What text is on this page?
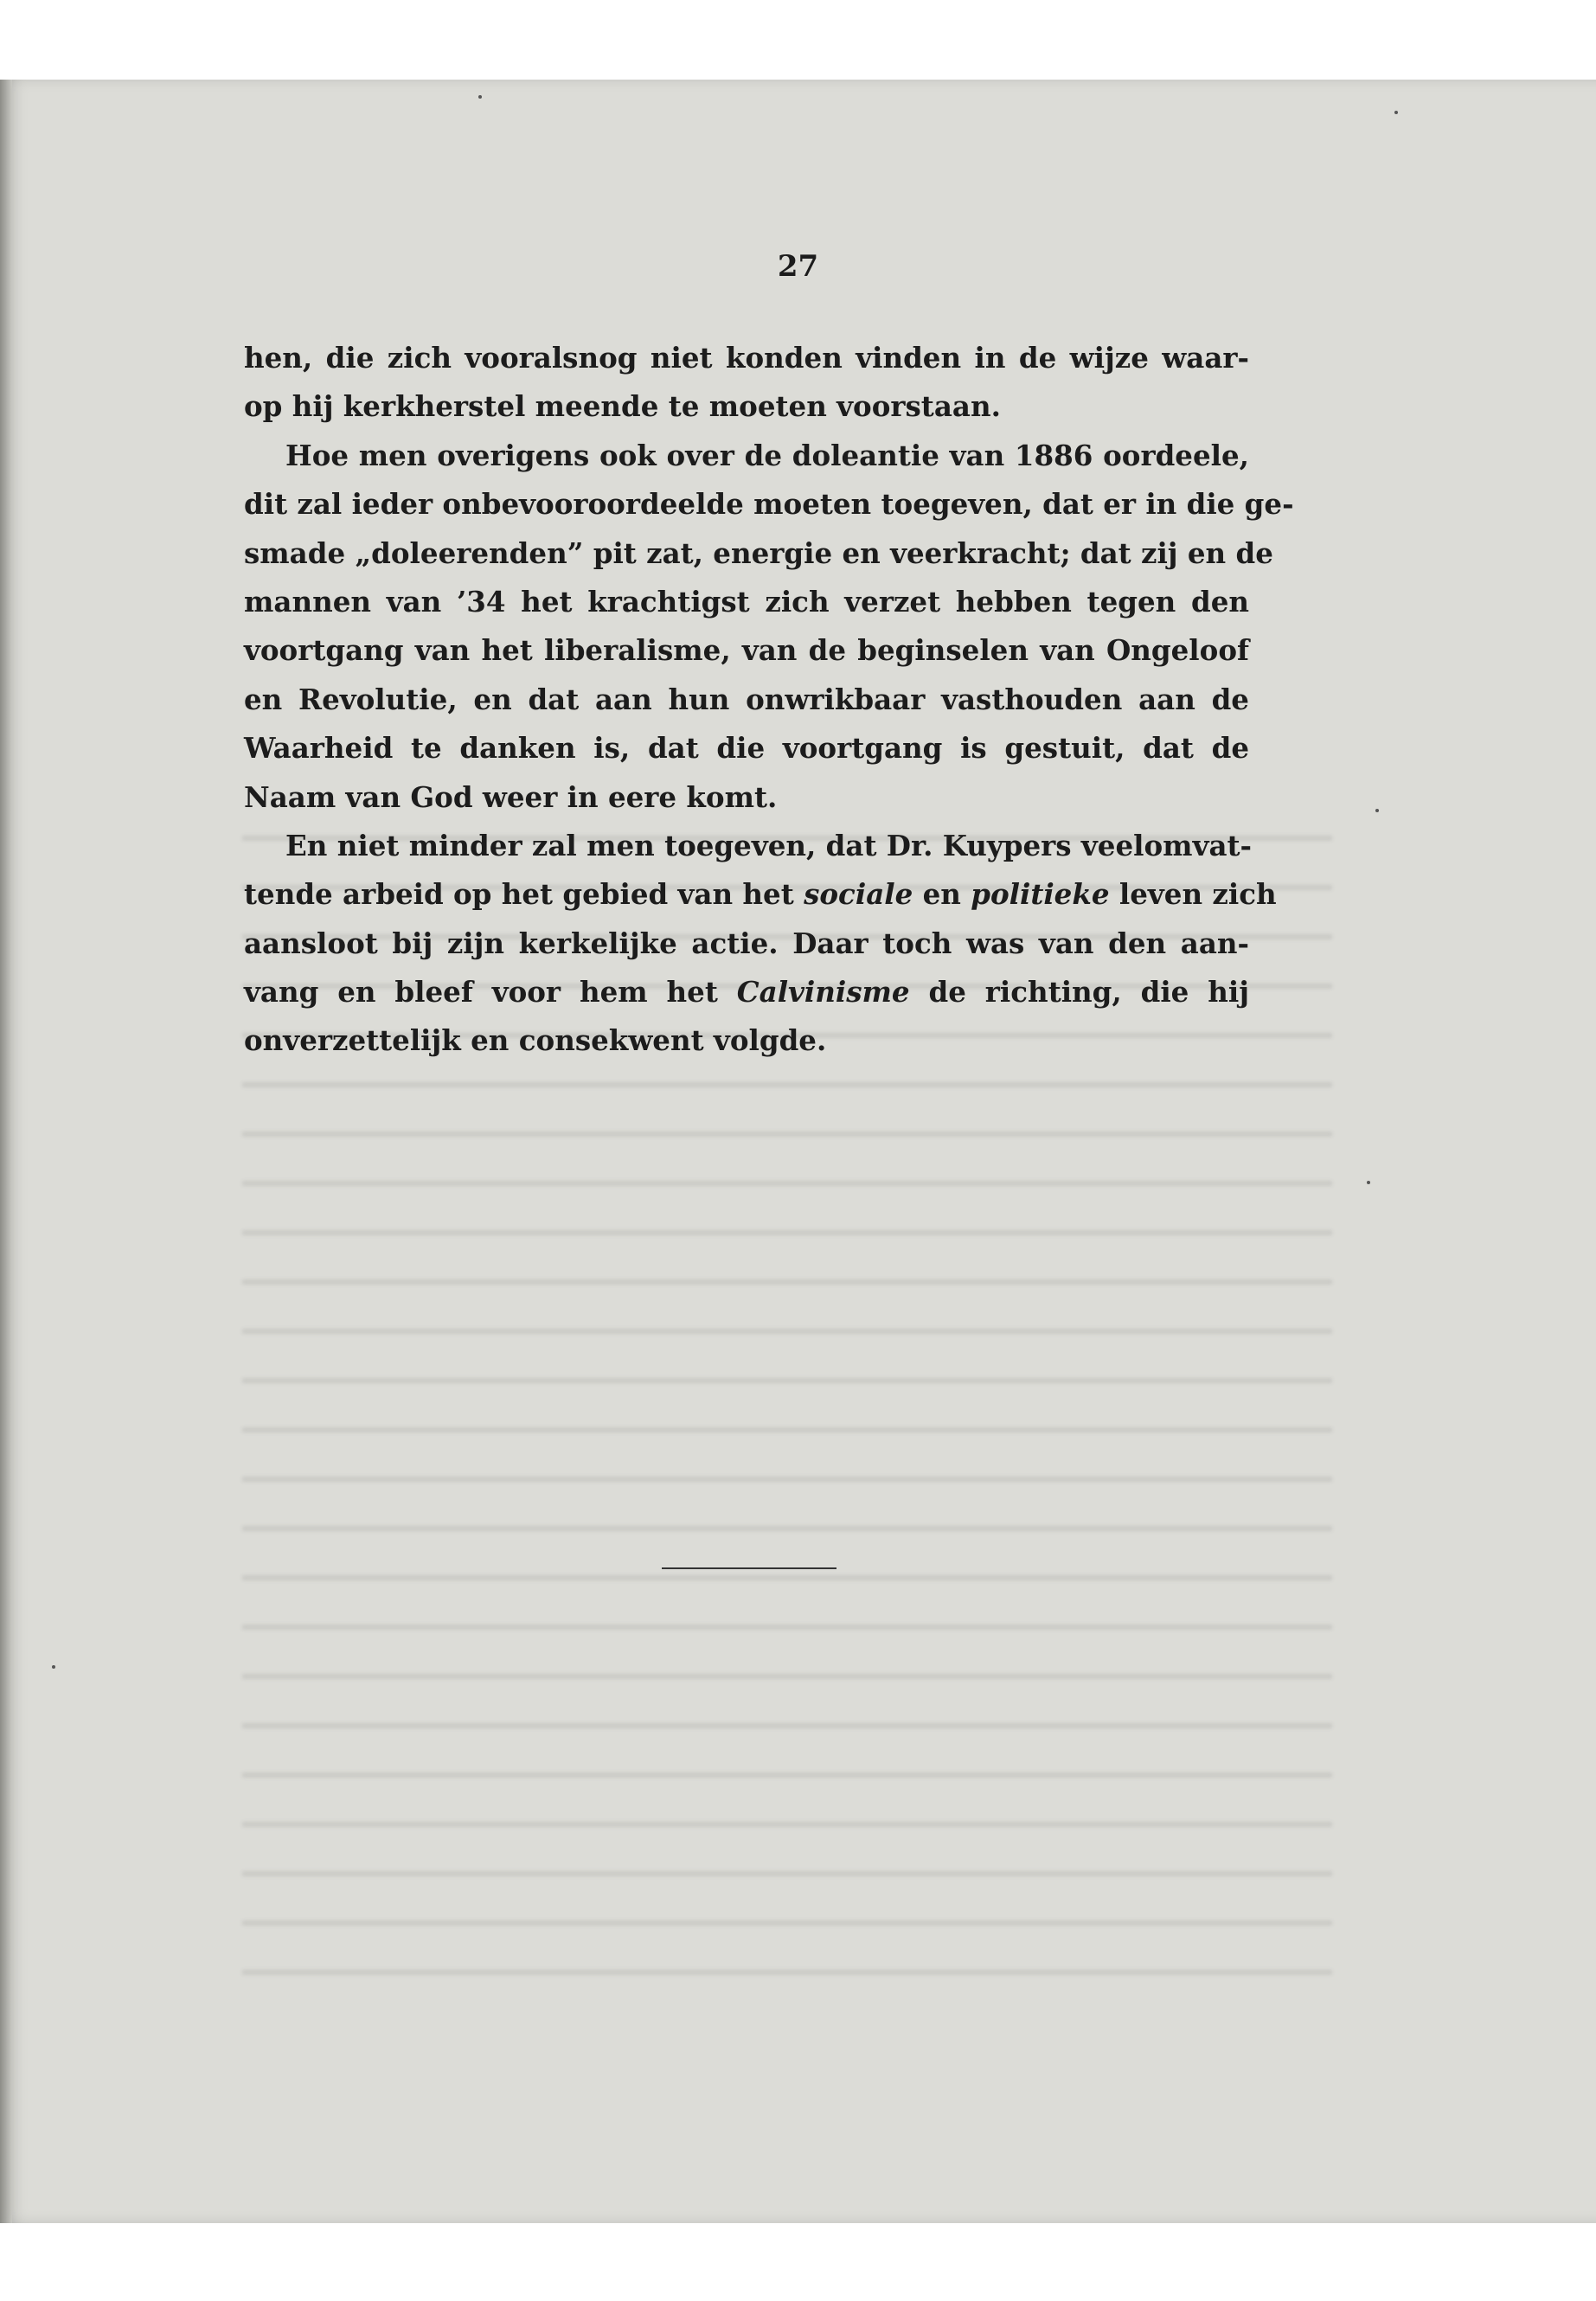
27
hen, die zich vooralsnog niet konden vinden in de wijze waar-
op hij kerkherstel meende te moeten voorstaan.
Hoe men overigens ook over de doleantie van 1886 oordeele,
dit zal ieder onbevooroordeelde moeten toegeven, dat er in die ge-
smade „doleerenden” pit zat, energie en veerkracht; dat zij en de
mannen van ’34 het krachtigst zich verzet hebben tegen den
voortgang van het liberalisme, van de beginselen van Ongeloof
en Revolutie, en dat aan hun onwrikbaar vasthouden aan de
Waarheid te danken is, dat die voortgang is gestuit, dat de
Naam van God weer in eere komt.
En niet minder zal men toegeven, dat Dr. Kuypers veelomvat-
tende arbeid op het gebied van het sociale en politieke leven zich
aansloot bij zijn kerkelijke actie. Daar toch was van den aan-
vang en bleef voor hem het Calvinisme de richting, die hij
onverzettelijk en consekwent volgde.
